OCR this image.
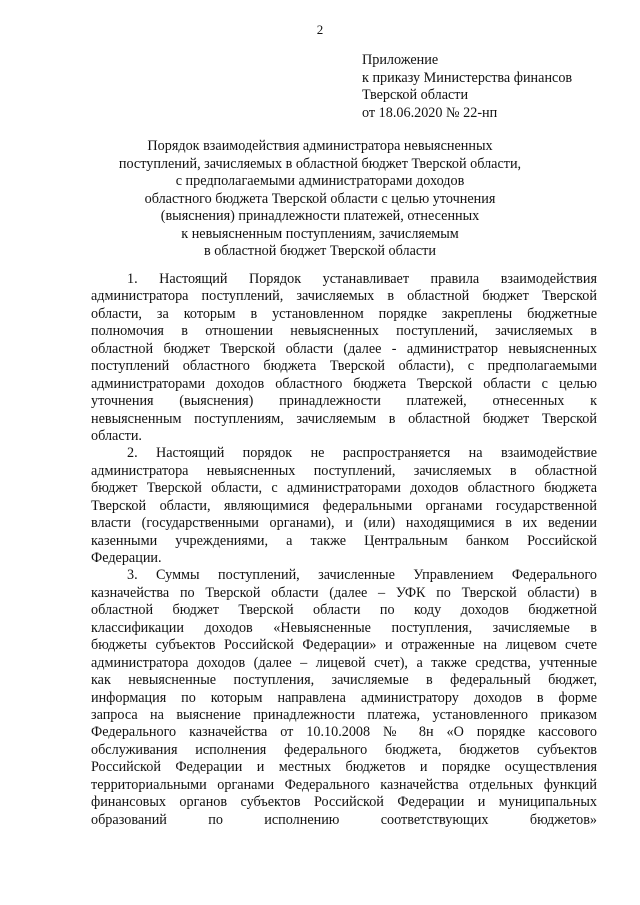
2
Приложение
к приказу Министерства финансов
Тверской области
от 18.06.2020 № 22-нп
Порядок взаимодействия администратора невыясненных
поступлений, зачисляемых в областной бюджет Тверской области,
с предполагаемыми администраторами доходов
областного бюджета Тверской области с целью уточнения
(выяснения) принадлежности платежей, отнесенных
к невыясненным поступлениям, зачисляемым
в областной бюджет Тверской области
1. Настоящий Порядок устанавливает правила взаимодействия
администратора поступлений, зачисляемых в областной бюджет Тверской
области, за которым в установленном порядке закреплены бюджетные
полномочия в отношении невыясненных поступлений, зачисляемых в
областной бюджет Тверской области (далее - администратор невыясненных
поступлений областного бюджета Тверской области), с предполагаемыми
администраторами доходов областного бюджета Тверской области с целью
уточнения (выяснения) принадлежности платежей, отнесенных к
невыясненным поступлениям, зачисляемым в областной бюджет Тверской
области.
2. Настоящий порядок не распространяется на взаимодействие
администратора невыясненных поступлений, зачисляемых в областной
бюджет Тверской области, с администраторами доходов областного бюджета
Тверской области, являющимися федеральными органами государственной
власти (государственными органами), и (или) находящимися в их ведении
казенными учреждениями, а также Центральным банком Российской
Федерации.
3. Суммы поступлений, зачисленные Управлением Федерального
казначейства по Тверской области (далее – УФК по Тверской области) в
областной бюджет Тверской области по коду доходов бюджетной
классификации доходов «Невыясненные поступления, зачисляемые в
бюджеты субъектов Российской Федерации» и отраженные на лицевом счете
администратора доходов (далее – лицевой счет), а также средства, учтенные
как невыясненные поступления, зачисляемые в федеральный бюджет,
информация по которым направлена администратору доходов в форме
запроса на выяснение принадлежности платежа, установленного приказом
Федерального казначейства от 10.10.2008 № 8н «О порядке кассового
обслуживания исполнения федерального бюджета, бюджетов субъектов
Российской Федерации и местных бюджетов и порядке осуществления
территориальными органами Федерального казначейства отдельных функций
финансовых органов субъектов Российской Федерации и муниципальных
образований по исполнению соответствующих бюджетов»
